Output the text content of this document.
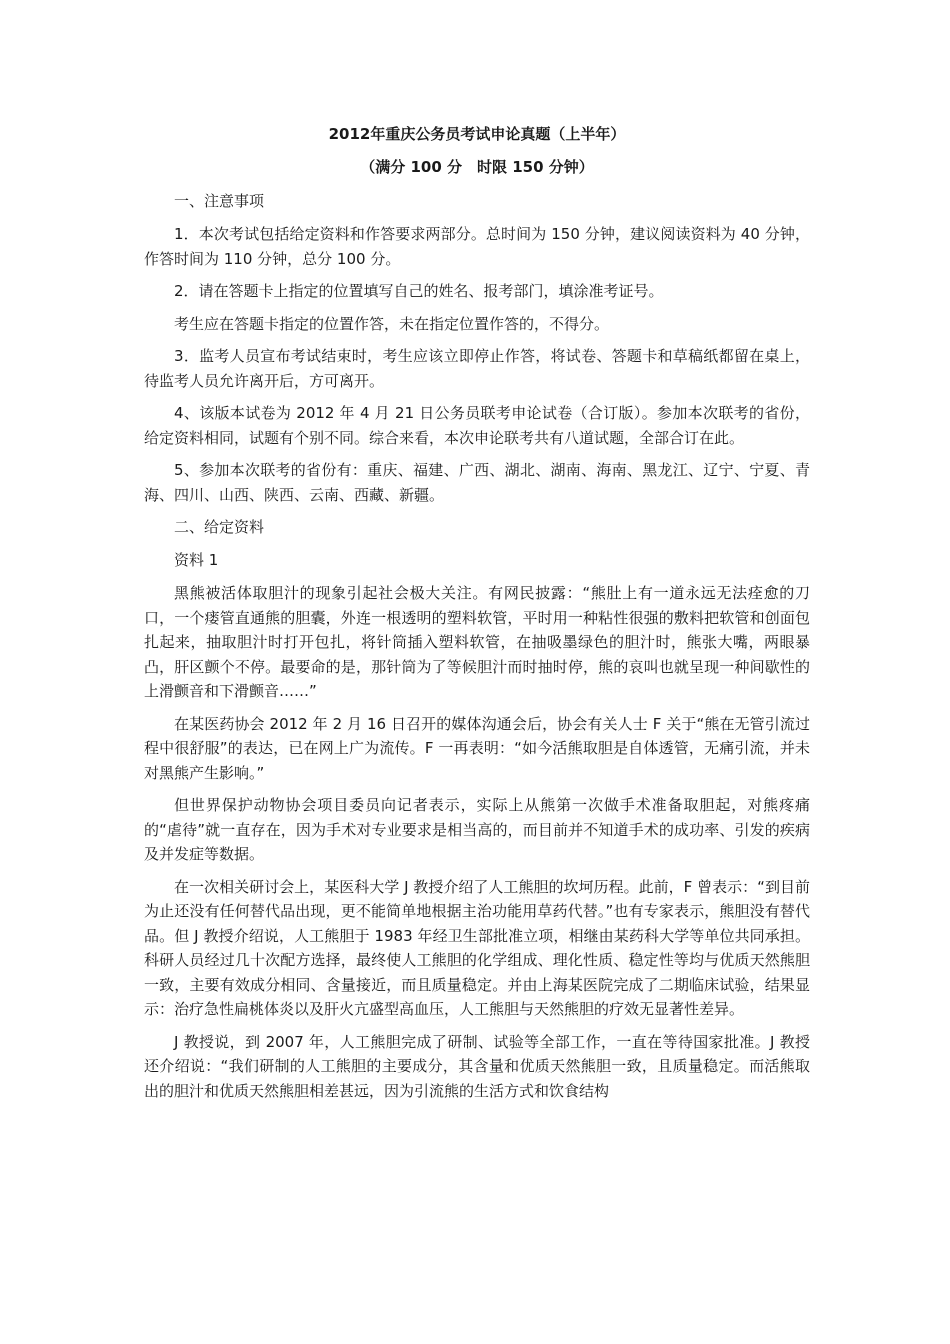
2012年重庆公务员考试申论真题（上半年）
（满分 100 分　时限 150 分钟）
一、注意事项
1．本次考试包括给定资料和作答要求两部分。总时间为 150 分钟，建议阅读资料为 40 分钟，作答时间为 110 分钟，总分 100 分。
2．请在答题卡上指定的位置填写自己的姓名、报考部门，填涂准考证号。
考生应在答题卡指定的位置作答，未在指定位置作答的，不得分。
3．监考人员宣布考试结束时，考生应该立即停止作答，将试卷、答题卡和草稿纸都留在桌上，待监考人员允许离开后，方可离开。
4、该版本试卷为 2012 年 4 月 21 日公务员联考申论试卷（合订版）。参加本次联考的省份，给定资料相同，试题有个别不同。综合来看，本次申论联考共有八道试题，全部合订在此。
5、参加本次联考的省份有：重庆、福建、广西、湖北、湖南、海南、黑龙江、辽宁、宁夏、青海、四川、山西、陕西、云南、西藏、新疆。
二、给定资料
资料 1
黑熊被活体取胆汁的现象引起社会极大关注。有网民披露：“熊肚上有一道永远无法痊愈的刀口，一个瘘管直通熊的胆囊，外连一根透明的塑料软管，平时用一种粘性很强的敷料把软管和创面包扎起来，抽取胆汁时打开包扎，将针筒插入塑料软管，在抽吸墨绿色的胆汁时，熊张大嘴，两眼暴凸，肝区颤个不停。最要命的是，那针筒为了等候胆汁而时抽时停，熊的哀叫也就呈现一种间歇性的上滑颤音和下滑颤音……”
在某医药协会 2012 年 2 月 16 日召开的媒体沟通会后，协会有关人士 F 关于“熊在无管引流过程中很舒服”的表达，已在网上广为流传。F 一再表明：“如今活熊取胆是自体透管，无痛引流，并未对黑熊产生影响。”
但世界保护动物协会项目委员向记者表示，实际上从熊第一次做手术准备取胆起，对熊疼痛的“虐待”就一直存在，因为手术对专业要求是相当高的，而目前并不知道手术的成功率、引发的疾病及并发症等数据。
在一次相关研讨会上，某医科大学 J 教授介绍了人工熊胆的坎坷历程。此前，F 曾表示：“到目前为止还没有任何替代品出现，更不能简单地根据主治功能用草药代替。”也有专家表示，熊胆没有替代品。但 J 教授介绍说，人工熊胆于 1983 年经卫生部批准立项，相继由某药科大学等单位共同承担。科研人员经过几十次配方选择，最终使人工熊胆的化学组成、理化性质、稳定性等均与优质天然熊胆一致，主要有效成分相同、含量接近，而且质量稳定。并由上海某医院完成了二期临床试验，结果显示：治疗急性扁桃体炎以及肝火亢盛型高血压，人工熊胆与天然熊胆的疗效无显著性差异。
J 教授说，到 2007 年，人工熊胆完成了研制、试验等全部工作，一直在等待国家批准。J 教授还介绍说：“我们研制的人工熊胆的主要成分，其含量和优质天然熊胆一致，且质量稳定。而活熊取出的胆汁和优质天然熊胆相差甚远，因为引流熊的生活方式和饮食结构
